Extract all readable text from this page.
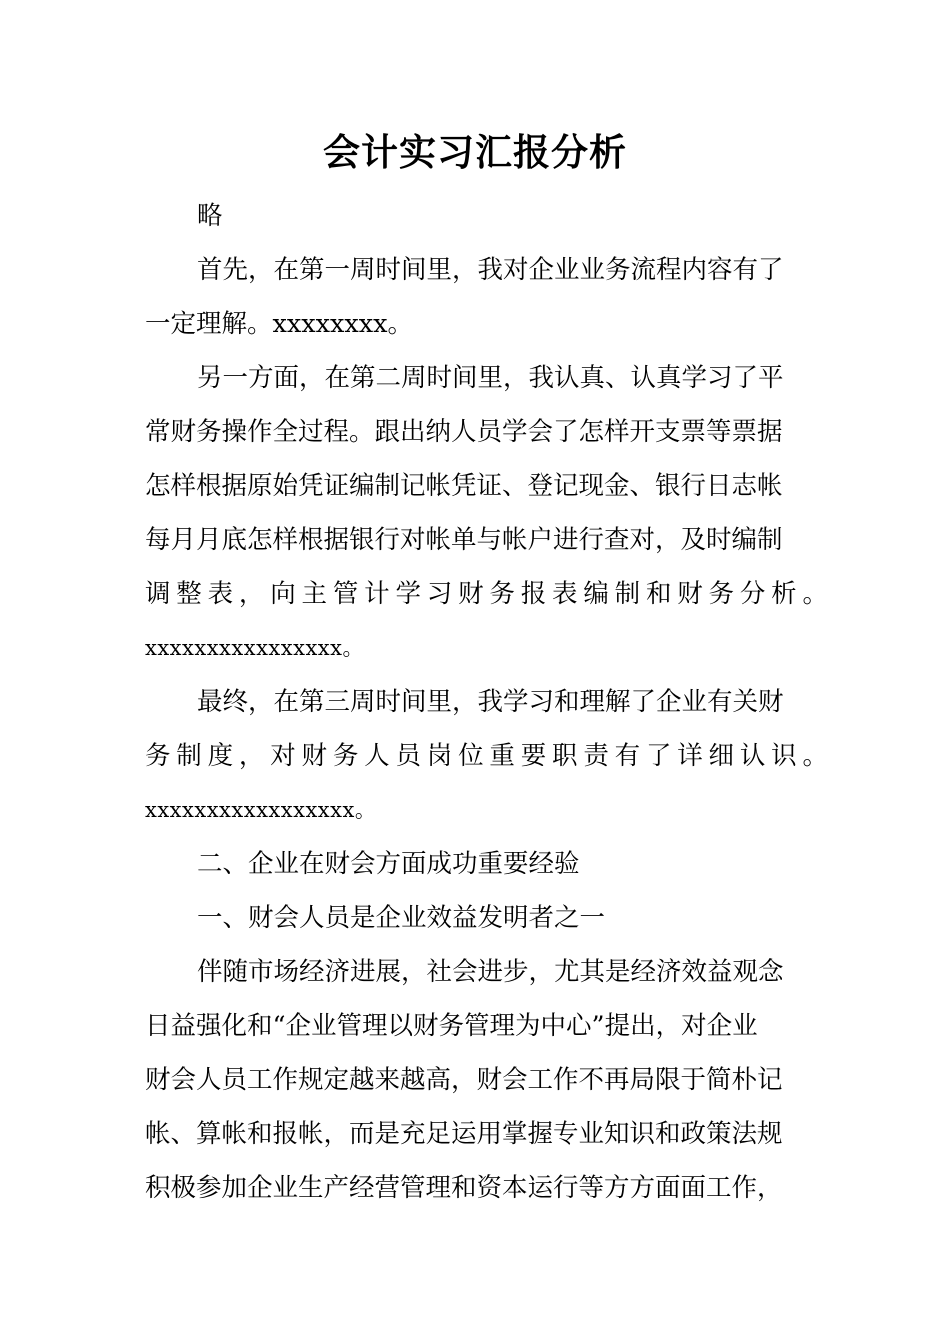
会计实习汇报分析
略
首先，在第一周时间里，我对企业业务流程内容有了
一定理解。xxxxxxxx。
另一方面，在第二周时间里，我认真、认真学习了平
常财务操作全过程。跟出纳人员学会了怎样开支票等票据
怎样根据原始凭证编制记帐凭证、登记现金、银行日志帐
每月月底怎样根据银行对帐单与帐户进行查对，及时编制
调整表，向主管计学习财务报表编制和财务分析。
xxxxxxxxxxxxxxxx。
最终，在第三周时间里，我学习和理解了企业有关财
务制度，对财务人员岗位重要职责有了详细认识。
xxxxxxxxxxxxxxxxx。
二、企业在财会方面成功重要经验
一、财会人员是企业效益发明者之一
伴随市场经济进展，社会进步，尤其是经济效益观念
日益强化和“企业管理以财务管理为中心”提出，对企业
财会人员工作规定越来越高，财会工作不再局限于简朴记
帐、算帐和报帐，而是充足运用掌握专业知识和政策法规
积极参加企业生产经营管理和资本运行等方方面面工作，
